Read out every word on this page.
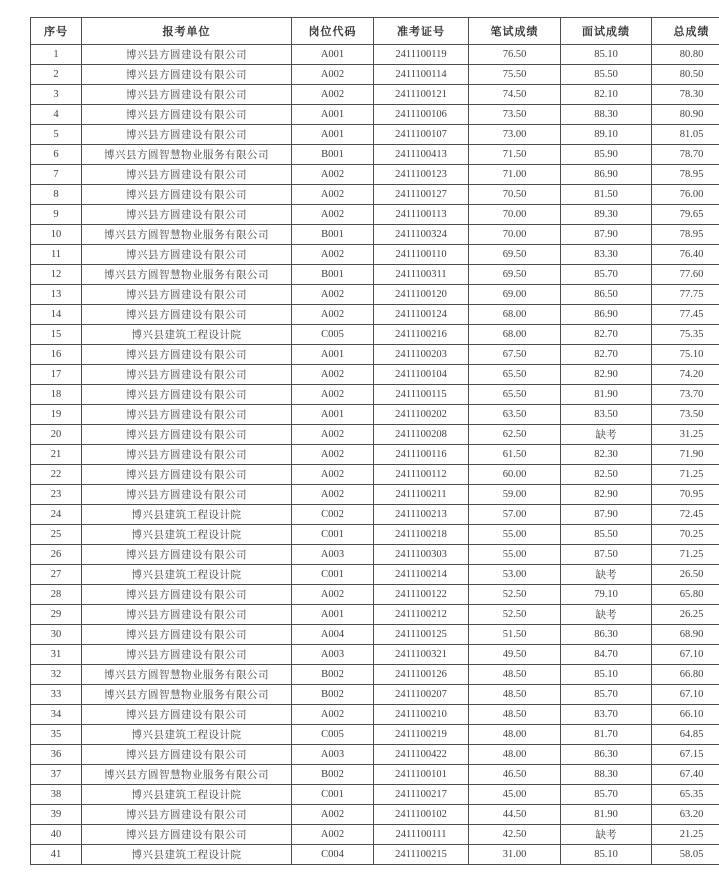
序号	报考单位	岗位代码	准考证号	笔试成绩	面试成绩	总成绩
1	博兴县方圆建设有限公司	A001	2411100119	76.50	85.10	80.80
2	博兴县方圆建设有限公司	A002	2411100114	75.50	85.50	80.50
3	博兴县方圆建设有限公司	A002	2411100121	74.50	82.10	78.30
4	博兴县方圆建设有限公司	A001	2411100106	73.50	88.30	80.90
5	博兴县方圆建设有限公司	A001	2411100107	73.00	89.10	81.05
6	博兴县方圆智慧物业服务有限公司	B001	2411100413	71.50	85.90	78.70
7	博兴县方圆建设有限公司	A002	2411100123	71.00	86.90	78.95
8	博兴县方圆建设有限公司	A002	2411100127	70.50	81.50	76.00
9	博兴县方圆建设有限公司	A002	2411100113	70.00	89.30	79.65
10	博兴县方圆智慧物业服务有限公司	B001	2411100324	70.00	87.90	78.95
11	博兴县方圆建设有限公司	A002	2411100110	69.50	83.30	76.40
12	博兴县方圆智慧物业服务有限公司	B001	2411100311	69.50	85.70	77.60
13	博兴县方圆建设有限公司	A002	2411100120	69.00	86.50	77.75
14	博兴县方圆建设有限公司	A002	2411100124	68.00	86.90	77.45
15	博兴县建筑工程设计院	C005	2411100216	68.00	82.70	75.35
16	博兴县方圆建设有限公司	A001	2411100203	67.50	82.70	75.10
17	博兴县方圆建设有限公司	A002	2411100104	65.50	82.90	74.20
18	博兴县方圆建设有限公司	A002	2411100115	65.50	81.90	73.70
19	博兴县方圆建设有限公司	A001	2411100202	63.50	83.50	73.50
20	博兴县方圆建设有限公司	A002	2411100208	62.50	缺考	31.25
21	博兴县方圆建设有限公司	A002	2411100116	61.50	82.30	71.90
22	博兴县方圆建设有限公司	A002	2411100112	60.00	82.50	71.25
23	博兴县方圆建设有限公司	A002	2411100211	59.00	82.90	70.95
24	博兴县建筑工程设计院	C002	2411100213	57.00	87.90	72.45
25	博兴县建筑工程设计院	C001	2411100218	55.00	85.50	70.25
26	博兴县方圆建设有限公司	A003	2411100303	55.00	87.50	71.25
27	博兴县建筑工程设计院	C001	2411100214	53.00	缺考	26.50
28	博兴县方圆建设有限公司	A002	2411100122	52.50	79.10	65.80
29	博兴县方圆建设有限公司	A001	2411100212	52.50	缺考	26.25
30	博兴县方圆建设有限公司	A004	2411100125	51.50	86.30	68.90
31	博兴县方圆建设有限公司	A003	2411100321	49.50	84.70	67.10
32	博兴县方圆智慧物业服务有限公司	B002	2411100126	48.50	85.10	66.80
33	博兴县方圆智慧物业服务有限公司	B002	2411100207	48.50	85.70	67.10
34	博兴县方圆建设有限公司	A002	2411100210	48.50	83.70	66.10
35	博兴县建筑工程设计院	C005	2411100219	48.00	81.70	64.85
36	博兴县方圆建设有限公司	A003	2411100422	48.00	86.30	67.15
37	博兴县方圆智慧物业服务有限公司	B002	2411100101	46.50	88.30	67.40
38	博兴县建筑工程设计院	C001	2411100217	45.00	85.70	65.35
39	博兴县方圆建设有限公司	A002	2411100102	44.50	81.90	63.20
40	博兴县方圆建设有限公司	A002	2411100111	42.50	缺考	21.25
41	博兴县建筑工程设计院	C004	2411100215	31.00	85.10	58.05
